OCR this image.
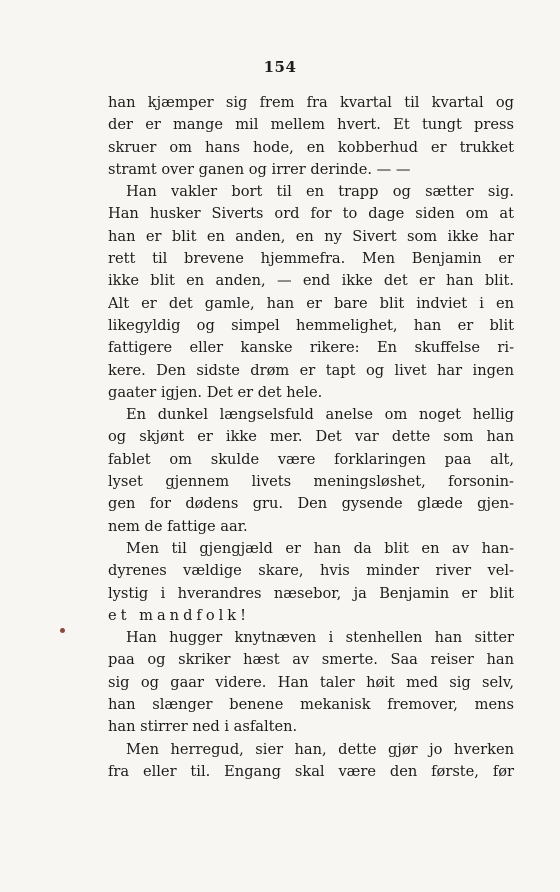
154
han kjæmper sig frem fra kvartal til kvartal og
der er mange mil mellem hvert. Et tungt press
skruer om hans hode, en kobberhud er trukket
stramt over ganen og irrer derinde. — —
Han vakler bort til en trapp og sætter sig.
Han husker Siverts ord for to dage siden om at
han er blit en anden, en ny Sivert som ikke har
rett til brevene hjemmefra. Men Benjamin er
ikke blit en anden, — end ikke det er han blit.
Alt er det gamle, han er bare blit indviet i en
likegyldig og simpel hemmelighet, han er blit
fattigere eller kanske rikere: En skuffelse ri-
kere. Den sidste drøm er tapt og livet har ingen
gaater igjen. Det er det hele.
En dunkel længselsfuld anelse om noget hellig
og skjønt er ikke mer. Det var dette som han
fablet om skulde være forklaringen paa alt,
lyset gjennem livets meningsløshet, forsonin-
gen for dødens gru. Den gysende glæde gjen-
nem de fattige aar.
Men til gjengjæld er han da blit en av han-
dyrenes vældige skare, hvis minder river vel-
lystig i hverandres næsebor, ja Benjamin er blit
et mandfolk!
Han hugger knytnæven i stenhellen han sitter
paa og skriker hæst av smerte. Saa reiser han
sig og gaar videre. Han taler høit med sig selv,
han slænger benene mekanisk fremover, mens
han stirrer ned i asfalten.
Men herregud, sier han, dette gjør jo hverken
fra eller til. Engang skal være den første, før
